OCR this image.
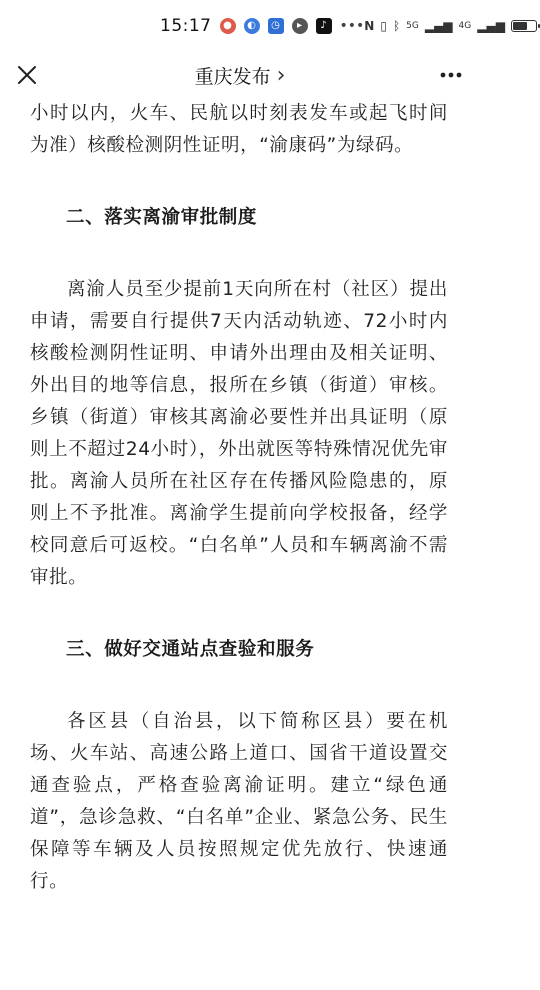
15:17	●	◐	◷	▸	♪ ••• N ▯ ᛒ 5G ▂▄▆ 4G ▂▄▆
重庆发布 ›

小时以内，火车、民航以时刻表发车或起飞时间为准）核酸检测阴性证明，“渝康码”为绿码。

二、落实离渝审批制度

离渝人员至少提前1天向所在村（社区）提出申请，需要自行提供7天内活动轨迹、72小时内核酸检测阴性证明、申请外出理由及相关证明、外出目的地等信息，报所在乡镇（街道）审核。乡镇（街道）审核其离渝必要性并出具证明（原则上不超过24小时），外出就医等特殊情况优先审批。离渝人员所在社区存在传播风险隐患的，原则上不予批准。离渝学生提前向学校报备，经学校同意后可返校。“白名单”人员和车辆离渝不需审批。

三、做好交通站点查验和服务

各区县（自治县，以下简称区县）要在机场、火车站、高速公路上道口、国省干道设置交通查验点，严格查验离渝证明。建立“绿色通道”，急诊急救、“白名单”企业、紧急公务、民生保障等车辆及人员按照规定优先放行、快速通行。
